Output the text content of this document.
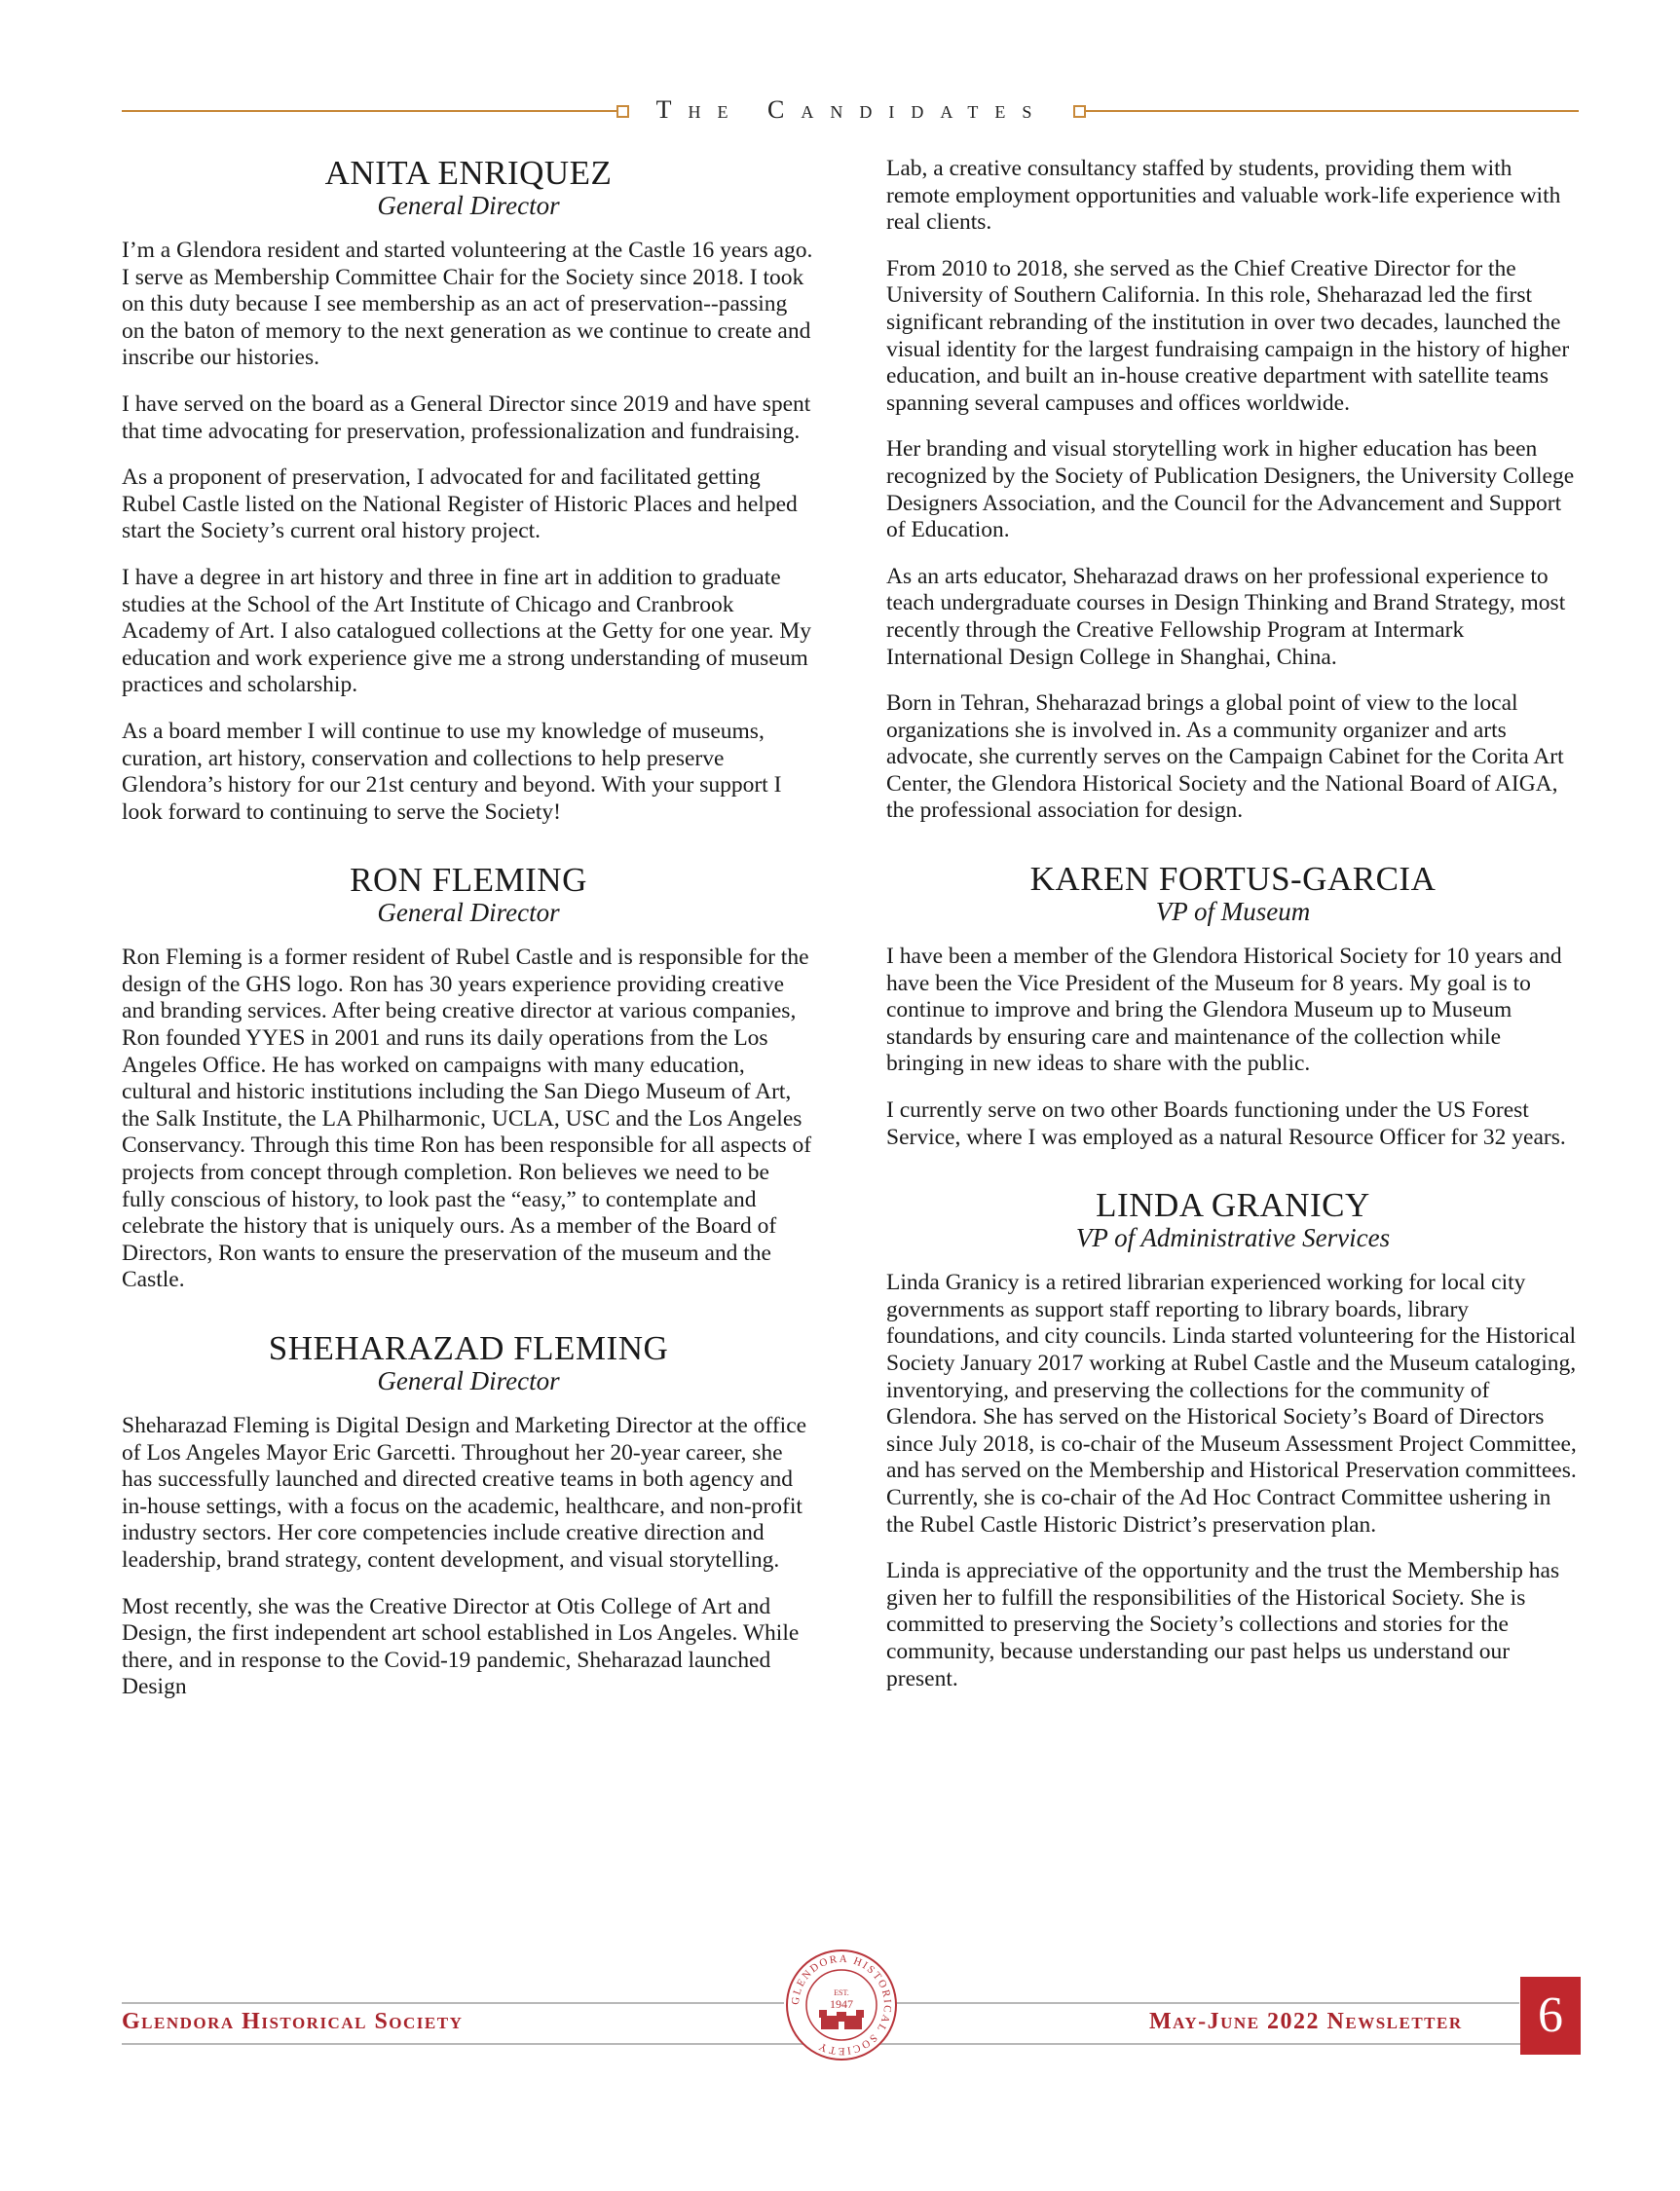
The Candidates
ANITA ENRIQUEZ
General Director

I’m a Glendora resident and started volunteering at the Castle 16 years ago. I serve as Membership Committee Chair for the Society since 2018. I took on this duty because I see membership as an act of preservation--passing on the baton of memory to the next generation as we continue to create and inscribe our histories.

I have served on the board as a General Director since 2019 and have spent that time advocating for preservation, professionalization and fundraising.

As a proponent of preservation, I advocated for and facilitated getting Rubel Castle listed on the National Register of Historic Places and helped start the Society’s current oral history project.

I have a degree in art history and three in fine art in addition to graduate studies at the School of the Art Institute of Chicago and Cranbrook Academy of Art. I also catalogued collections at the Getty for one year. My education and work experience give me a strong understanding of museum practices and scholarship.

As a board member I will continue to use my knowledge of museums, curation, art history, conservation and collections to help preserve Glendora’s history for our 21st century and beyond. With your support I look forward to continuing to serve the Society!

RON FLEMING
General Director

Ron Fleming is a former resident of Rubel Castle and is responsible for the design of the GHS logo. Ron has 30 years experience providing creative and branding services. After being creative director at various companies, Ron founded YYES in 2001 and runs its daily operations from the Los Angeles Office. He has worked on campaigns with many education, cultural and historic institutions including the San Diego Museum of Art, the Salk Institute, the LA Philharmonic, UCLA, USC and the Los Angeles Conservancy. Through this time Ron has been responsible for all aspects of projects from concept through completion. Ron believes we need to be fully conscious of history, to look past the “easy,” to contemplate and celebrate the history that is uniquely ours. As a member of the Board of Directors, Ron wants to ensure the preservation of the museum and the Castle.

SHEHARAZAD FLEMING
General Director

Sheharazad Fleming is Digital Design and Marketing Director at the office of Los Angeles Mayor Eric Garcetti. Throughout her 20-year career, she has successfully launched and directed creative teams in both agency and in-house settings, with a focus on the academic, healthcare, and non-profit industry sectors. Her core competencies include creative direction and leadership, brand strategy, content development, and visual storytelling.

Most recently, she was the Creative Director at Otis College of Art and Design, the first independent art school established in Los Angeles. While there, and in response to the Covid-19 pandemic, Sheharazad launched Design

Lab, a creative consultancy staffed by students, providing them with remote employment opportunities and valuable work-life experience with real clients.

From 2010 to 2018, she served as the Chief Creative Director for the University of Southern California. In this role, Sheharazad led the first significant rebranding of the institution in over two decades, launched the visual identity for the largest fundraising campaign in the history of higher education, and built an in-house creative department with satellite teams spanning several campuses and offices worldwide.

Her branding and visual storytelling work in higher education has been recognized by the Society of Publication Designers, the University College Designers Association, and the Council for the Advancement and Support of Education.

As an arts educator, Sheharazad draws on her professional experience to teach undergraduate courses in Design Thinking and Brand Strategy, most recently through the Creative Fellowship Program at Intermark International Design College in Shanghai, China.

Born in Tehran, Sheharazad brings a global point of view to the local organizations she is involved in. As a community organizer and arts advocate, she currently serves on the Campaign Cabinet for the Corita Art Center, the Glendora Historical Society and the National Board of AIGA, the professional association for design.

KAREN FORTUS-GARCIA
VP of Museum

I have been a member of the Glendora Historical Society for 10 years and have been the Vice President of the Museum for 8 years. My goal is to continue to improve and bring the Glendora Museum up to Museum standards by ensuring care and maintenance of the collection while bringing in new ideas to share with the public.

I currently serve on two other Boards functioning under the US Forest Service, where I was employed as a natural Resource Officer for 32 years.

LINDA GRANICY
VP of Administrative Services

Linda Granicy is a retired librarian experienced working for local city governments as support staff reporting to library boards, library foundations, and city councils. Linda started volunteering for the Historical Society January 2017 working at Rubel Castle and the Museum cataloging, inventorying, and preserving the collections for the community of Glendora. She has served on the Historical Society’s Board of Directors since July 2018, is co-chair of the Museum Assessment Project Committee, and has served on the Membership and Historical Preservation committees. Currently, she is co-chair of the Ad Hoc Contract Committee ushering in the Rubel Castle Historic District’s preservation plan.

Linda is appreciative of the opportunity and the trust the Membership has given her to fulfill the responsibilities of the Historical Society. She is committed to preserving the Society’s collections and stories for the community, because understanding our past helps us understand our present.

Glendora Historical Society	May-June 2022 Newsletter	6
GLENDORA HISTORICAL SOCIETY
EST.
1947
